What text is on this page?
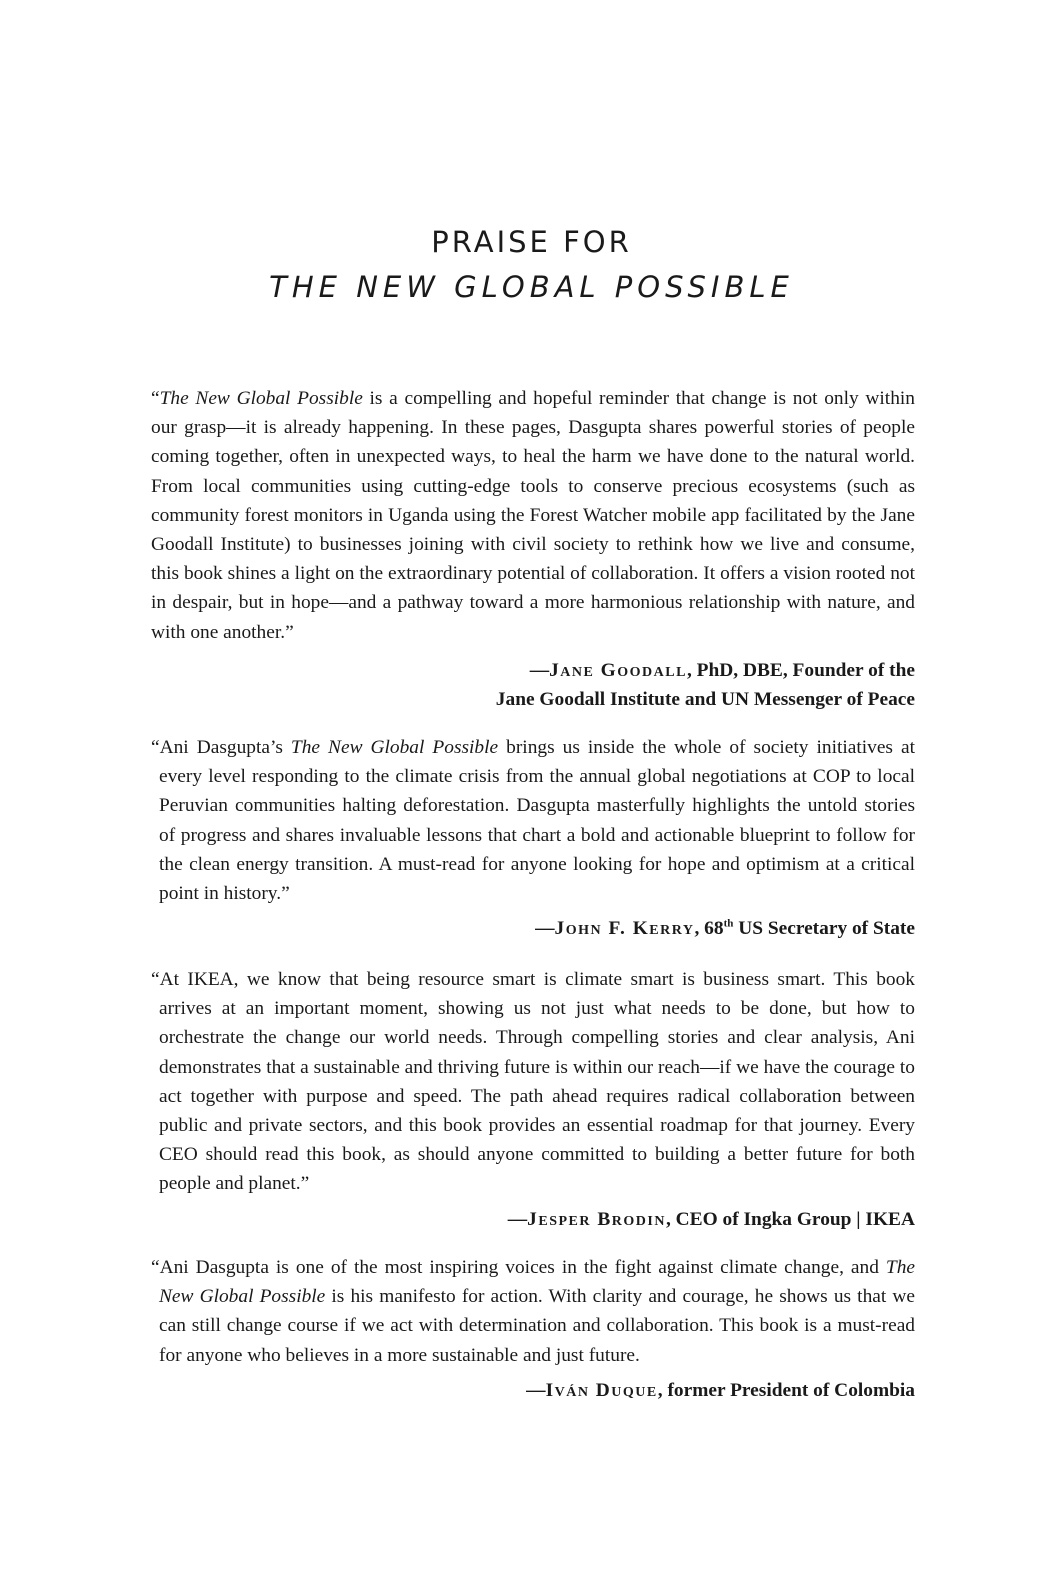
PRAISE FOR
THE NEW GLOBAL POSSIBLE

“The New Global Possible is a compelling and hopeful reminder that change is not only within our grasp—it is already happening. In these pages, Dasgupta shares powerful stories of people coming together, often in unexpected ways, to heal the harm we have done to the natural world. From local communities using cutting-edge tools to conserve precious ecosystems (such as community forest monitors in Uganda using the Forest Watcher mobile app facilitated by the Jane Goodall Institute) to businesses joining with civil society to rethink how we live and consume, this book shines a light on the extraordinary potential of collaboration. It offers a vision rooted not in despair, but in hope—and a pathway toward a more harmonious relationship with nature, and with one another.”

—Jane Goodall, PhD, DBE, Founder of the
Jane Goodall Institute and UN Messenger of Peace

“Ani Dasgupta’s The New Global Possible brings us inside the whole of society initiatives at every level responding to the climate crisis from the annual global negotiations at COP to local Peruvian communities halting deforestation. Dasgupta masterfully highlights the untold stories of progress and shares invaluable lessons that chart a bold and actionable blueprint to follow for the clean energy transition. A must-read for anyone looking for hope and optimism at a critical point in history.”

—John F. Kerry, 68th US Secretary of State

“At IKEA, we know that being resource smart is climate smart is business smart. This book arrives at an important moment, showing us not just what needs to be done, but how to orchestrate the change our world needs. Through compelling stories and clear analysis, Ani demonstrates that a sustainable and thriving future is within our reach—if we have the courage to act together with purpose and speed. The path ahead requires radical collaboration between public and private sectors, and this book provides an essential roadmap for that journey. Every CEO should read this book, as should anyone committed to building a better future for both people and planet.”

—Jesper Brodin, CEO of Ingka Group | IKEA

“Ani Dasgupta is one of the most inspiring voices in the fight against climate change, and The New Global Possible is his manifesto for action. With clarity and courage, he shows us that we can still change course if we act with determination and collaboration. This book is a must-read for anyone who believes in a more sustainable and just future.

—Iván Duque, former President of Colombia
